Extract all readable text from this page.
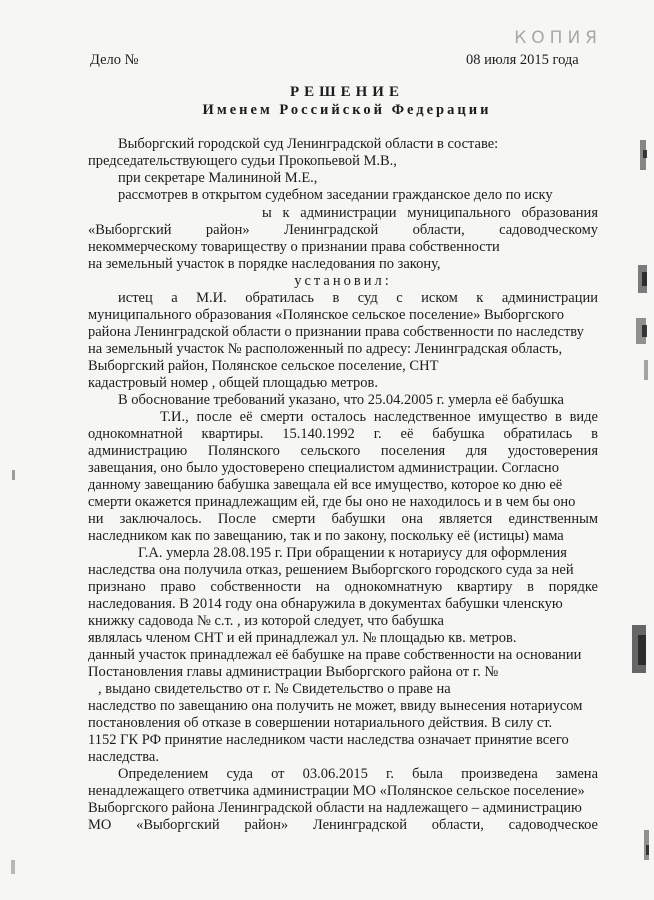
КОПИЯ
Дело №	08 июля 2015 года
РЕШЕНИЕ
Именем Российской Федерации
Выборгский городской суд Ленинградской области в составе:
председательствующего судьи Прокопьевой М.В.,
при секретаре Малининой М.Е.,
рассмотрев в открытом судебном заседании гражданское дело по иску
ы к администрации муниципального образования
«Выборгский район» Ленинградской области, садоводческому
некоммерческому товариществу о признании права собственности
на земельный участок в порядке наследования по закону,
установил:
истец а М.И. обратилась в суд с иском к администрации
муниципального образования «Полянское сельское поселение» Выборгского
района Ленинградской области о признании права собственности по наследству
на земельный участок № расположенный по адресу: Ленинградская область,
Выборгский район, Полянское сельское поселение, СНТ
кадастровый номер , общей площадью метров.
В обоснование требований указано, что 25.04.2005 г. умерла её бабушка
Т.И., после её смерти осталось наследственное имущество в виде
однокомнатной квартиры. 15.140.1992 г. её бабушка обратилась в
администрацию Полянского сельского поселения для удостоверения
завещания, оно было удостоверено специалистом администрации. Согласно
данному завещанию бабушка завещала ей все имущество, которое ко дню её
смерти окажется принадлежащим ей, где бы оно не находилось и в чем бы оно
ни заключалось. После смерти бабушки она является единственным
наследником как по завещанию, так и по закону, поскольку её (истицы) мама
Г.А. умерла 28.08.195 г. При обращении к нотариусу для оформления
наследства она получила отказ, решением Выборгского городского суда за ней
признано право собственности на однокомнатную квартиру в порядке
наследования. В 2014 году она обнаружила в документах бабушки членскую
книжку садовода № с.т. , из которой следует, что бабушка
являлась членом СНТ и ей принадлежал ул. № площадью кв. метров.
данный участок принадлежал её бабушке на праве собственности на основании
Постановления главы администрации Выборгского района от г. №
, выдано свидетельство от г. № Свидетельство о праве на
наследство по завещанию она получить не может, ввиду вынесения нотариусом
постановления об отказе в совершении нотариального действия. В силу ст.
1152 ГК РФ принятие наследником части наследства означает принятие всего
наследства.
Определением суда от 03.06.2015 г. была произведена замена
ненадлежащего ответчика администрации МО «Полянское сельское поселение»
Выборгского района Ленинградской области на надлежащего – администрацию
МО «Выборгский район» Ленинградской области, садоводческое
